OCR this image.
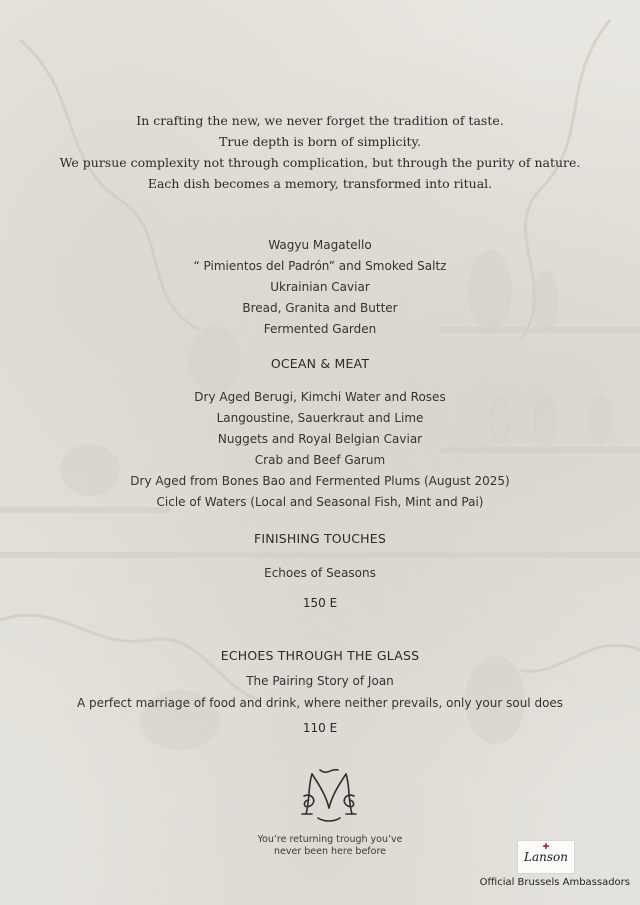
In crafting the new, we never forget the tradition of taste.
True depth is born of simplicity.
We pursue complexity not through complication, but through the purity of nature.
Each dish becomes a memory, transformed into ritual.
Wagyu Magatello
“ Pimientos del Padrón” and Smoked Saltz
Ukrainian Caviar
Bread, Granita and Butter
Fermented Garden
OCEAN & MEAT
Dry Aged Berugi, Kimchi Water and Roses
Langoustine, Sauerkraut and Lime
Nuggets and Royal Belgian Caviar
Crab and Beef Garum
Dry Aged from Bones Bao and Fermented Plums (August 2025)
Cicle of Waters (Local and Seasonal Fish, Mint and Pai)
FINISHING TOUCHES
Echoes of Seasons
150 E
ECHOES THROUGH THE GLASS
The Pairing Story of Joan
A perfect marriage of food and drink, where neither prevails, only your soul does
110 E
You’re returning trough you’ve
never been here before	✚
Lanson
Official Brussels Ambassadors
